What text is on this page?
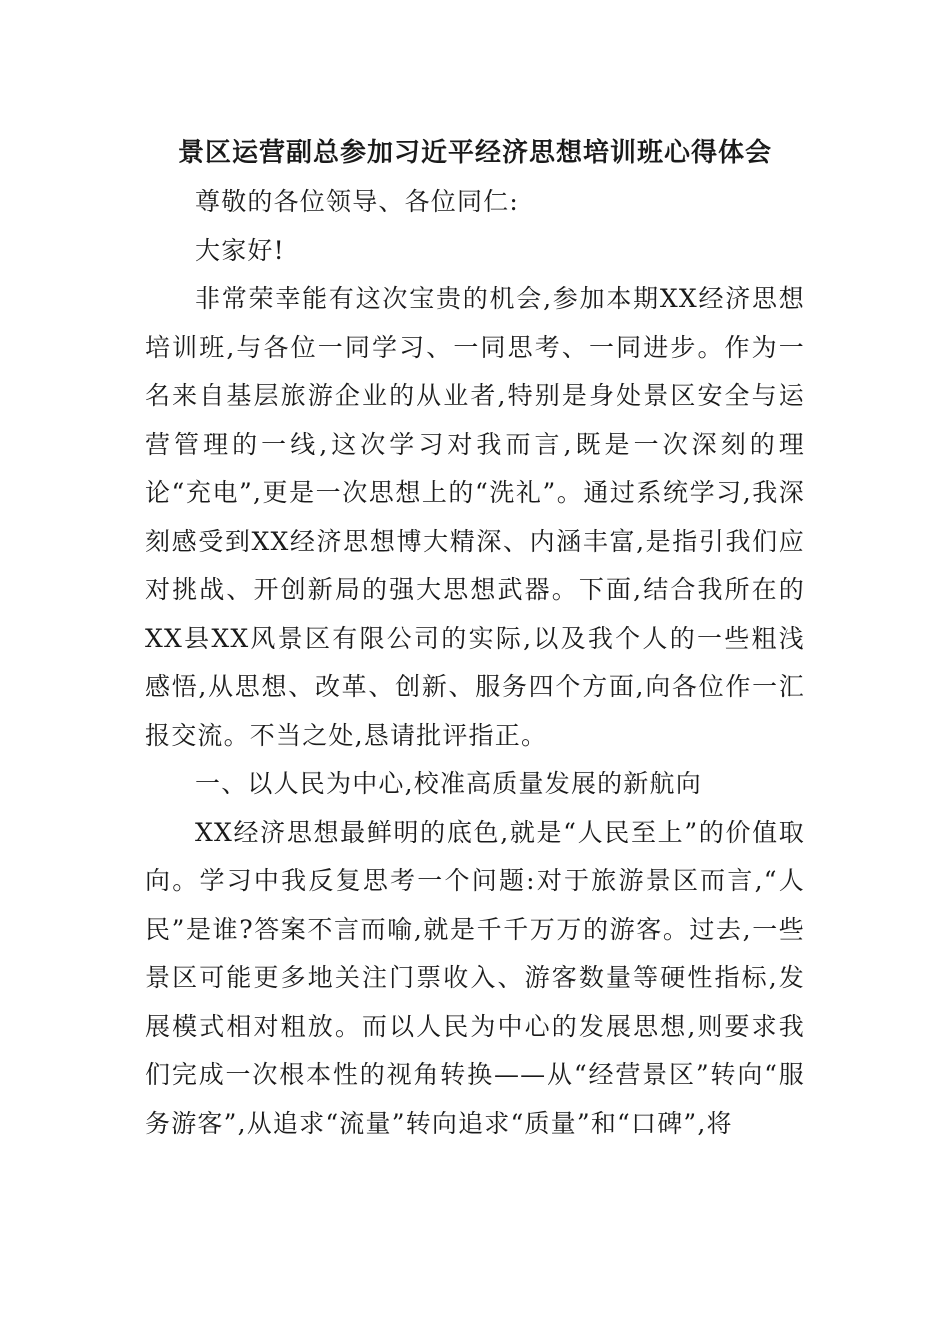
景区运营副总参加习近平经济思想培训班心得体会

尊敬的各位领导、各位同仁:

大家好!

非常荣幸能有这次宝贵的机会,参加本期XX经济思想培训班,与各位一同学习、一同思考、一同进步。作为一名来自基层旅游企业的从业者,特别是身处景区安全与运营管理的一线,这次学习对我而言,既是一次深刻的理论“充电”,更是一次思想上的“洗礼”。通过系统学习,我深刻感受到XX经济思想博大精深、内涵丰富,是指引我们应对挑战、开创新局的强大思想武器。下面,结合我所在的XX县XX风景区有限公司的实际,以及我个人的一些粗浅感悟,从思想、改革、创新、服务四个方面,向各位作一汇报交流。不当之处,恳请批评指正。

一、以人民为中心,校准高质量发展的新航向

XX经济思想最鲜明的底色,就是“人民至上”的价值取向。学习中我反复思考一个问题:对于旅游景区而言,“人民”是谁?答案不言而喻,就是千千万万的游客。过去,一些景区可能更多地关注门票收入、游客数量等硬性指标,发展模式相对粗放。而以人民为中心的发展思想,则要求我们完成一次根本性的视角转换——从“经营景区”转向“服务游客”,从追求“流量”转向追求“质量”和“口碑”,将
